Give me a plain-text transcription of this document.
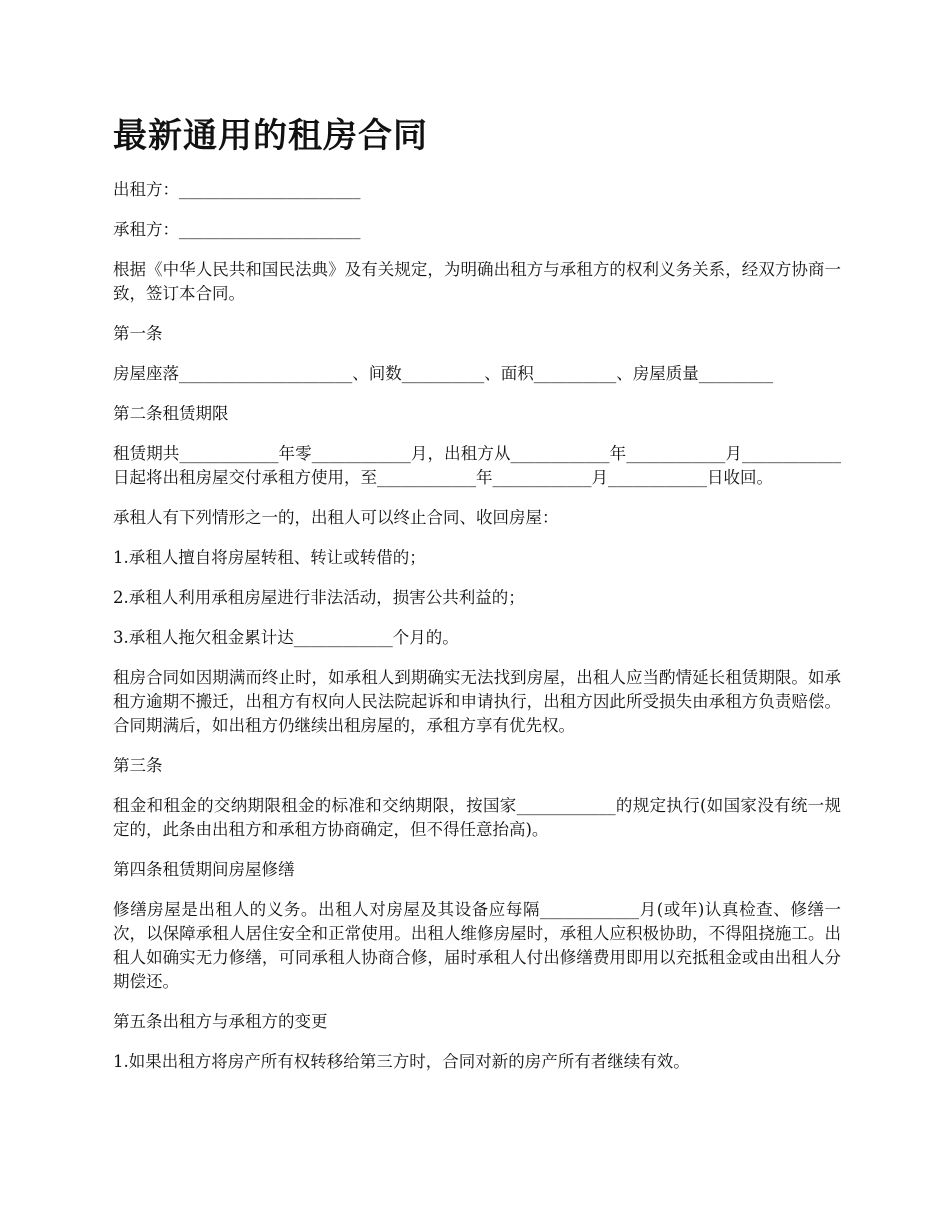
最新通用的租房合同

出租方：______________________

承租方：______________________

根据《中华人民共和国民法典》及有关规定，为明确出租方与承租方的权利义务关系，经双方协商一致，签订本合同。

第一条

房屋座落_____________________、间数__________、面积__________、房屋质量_________

第二条租赁期限

租赁期共____________年零____________月，出租方从____________年____________月____________日起将出租房屋交付承租方使用，至____________年____________月____________日收回。

承租人有下列情形之一的，出租人可以终止合同、收回房屋：

1.承租人擅自将房屋转租、转让或转借的；

2.承租人利用承租房屋进行非法活动，损害公共利益的；

3.承租人拖欠租金累计达____________个月的。

租房合同如因期满而终止时，如承租人到期确实无法找到房屋，出租人应当酌情延长租赁期限。如承租方逾期不搬迁，出租方有权向人民法院起诉和申请执行，出租方因此所受损失由承租方负责赔偿。合同期满后，如出租方仍继续出租房屋的，承租方享有优先权。

第三条

租金和租金的交纳期限租金的标准和交纳期限，按国家____________的规定执行(如国家没有统一规定的，此条由出租方和承租方协商确定，但不得任意抬高)。

第四条租赁期间房屋修缮

修缮房屋是出租人的义务。出租人对房屋及其设备应每隔____________月(或年)认真检查、修缮一次，以保障承租人居住安全和正常使用。出租人维修房屋时，承租人应积极协助，不得阻挠施工。出租人如确实无力修缮，可同承租人协商合修，届时承租人付出修缮费用即用以充抵租金或由出租人分期偿还。

第五条出租方与承租方的变更

1.如果出租方将房产所有权转移给第三方时，合同对新的房产所有者继续有效。
